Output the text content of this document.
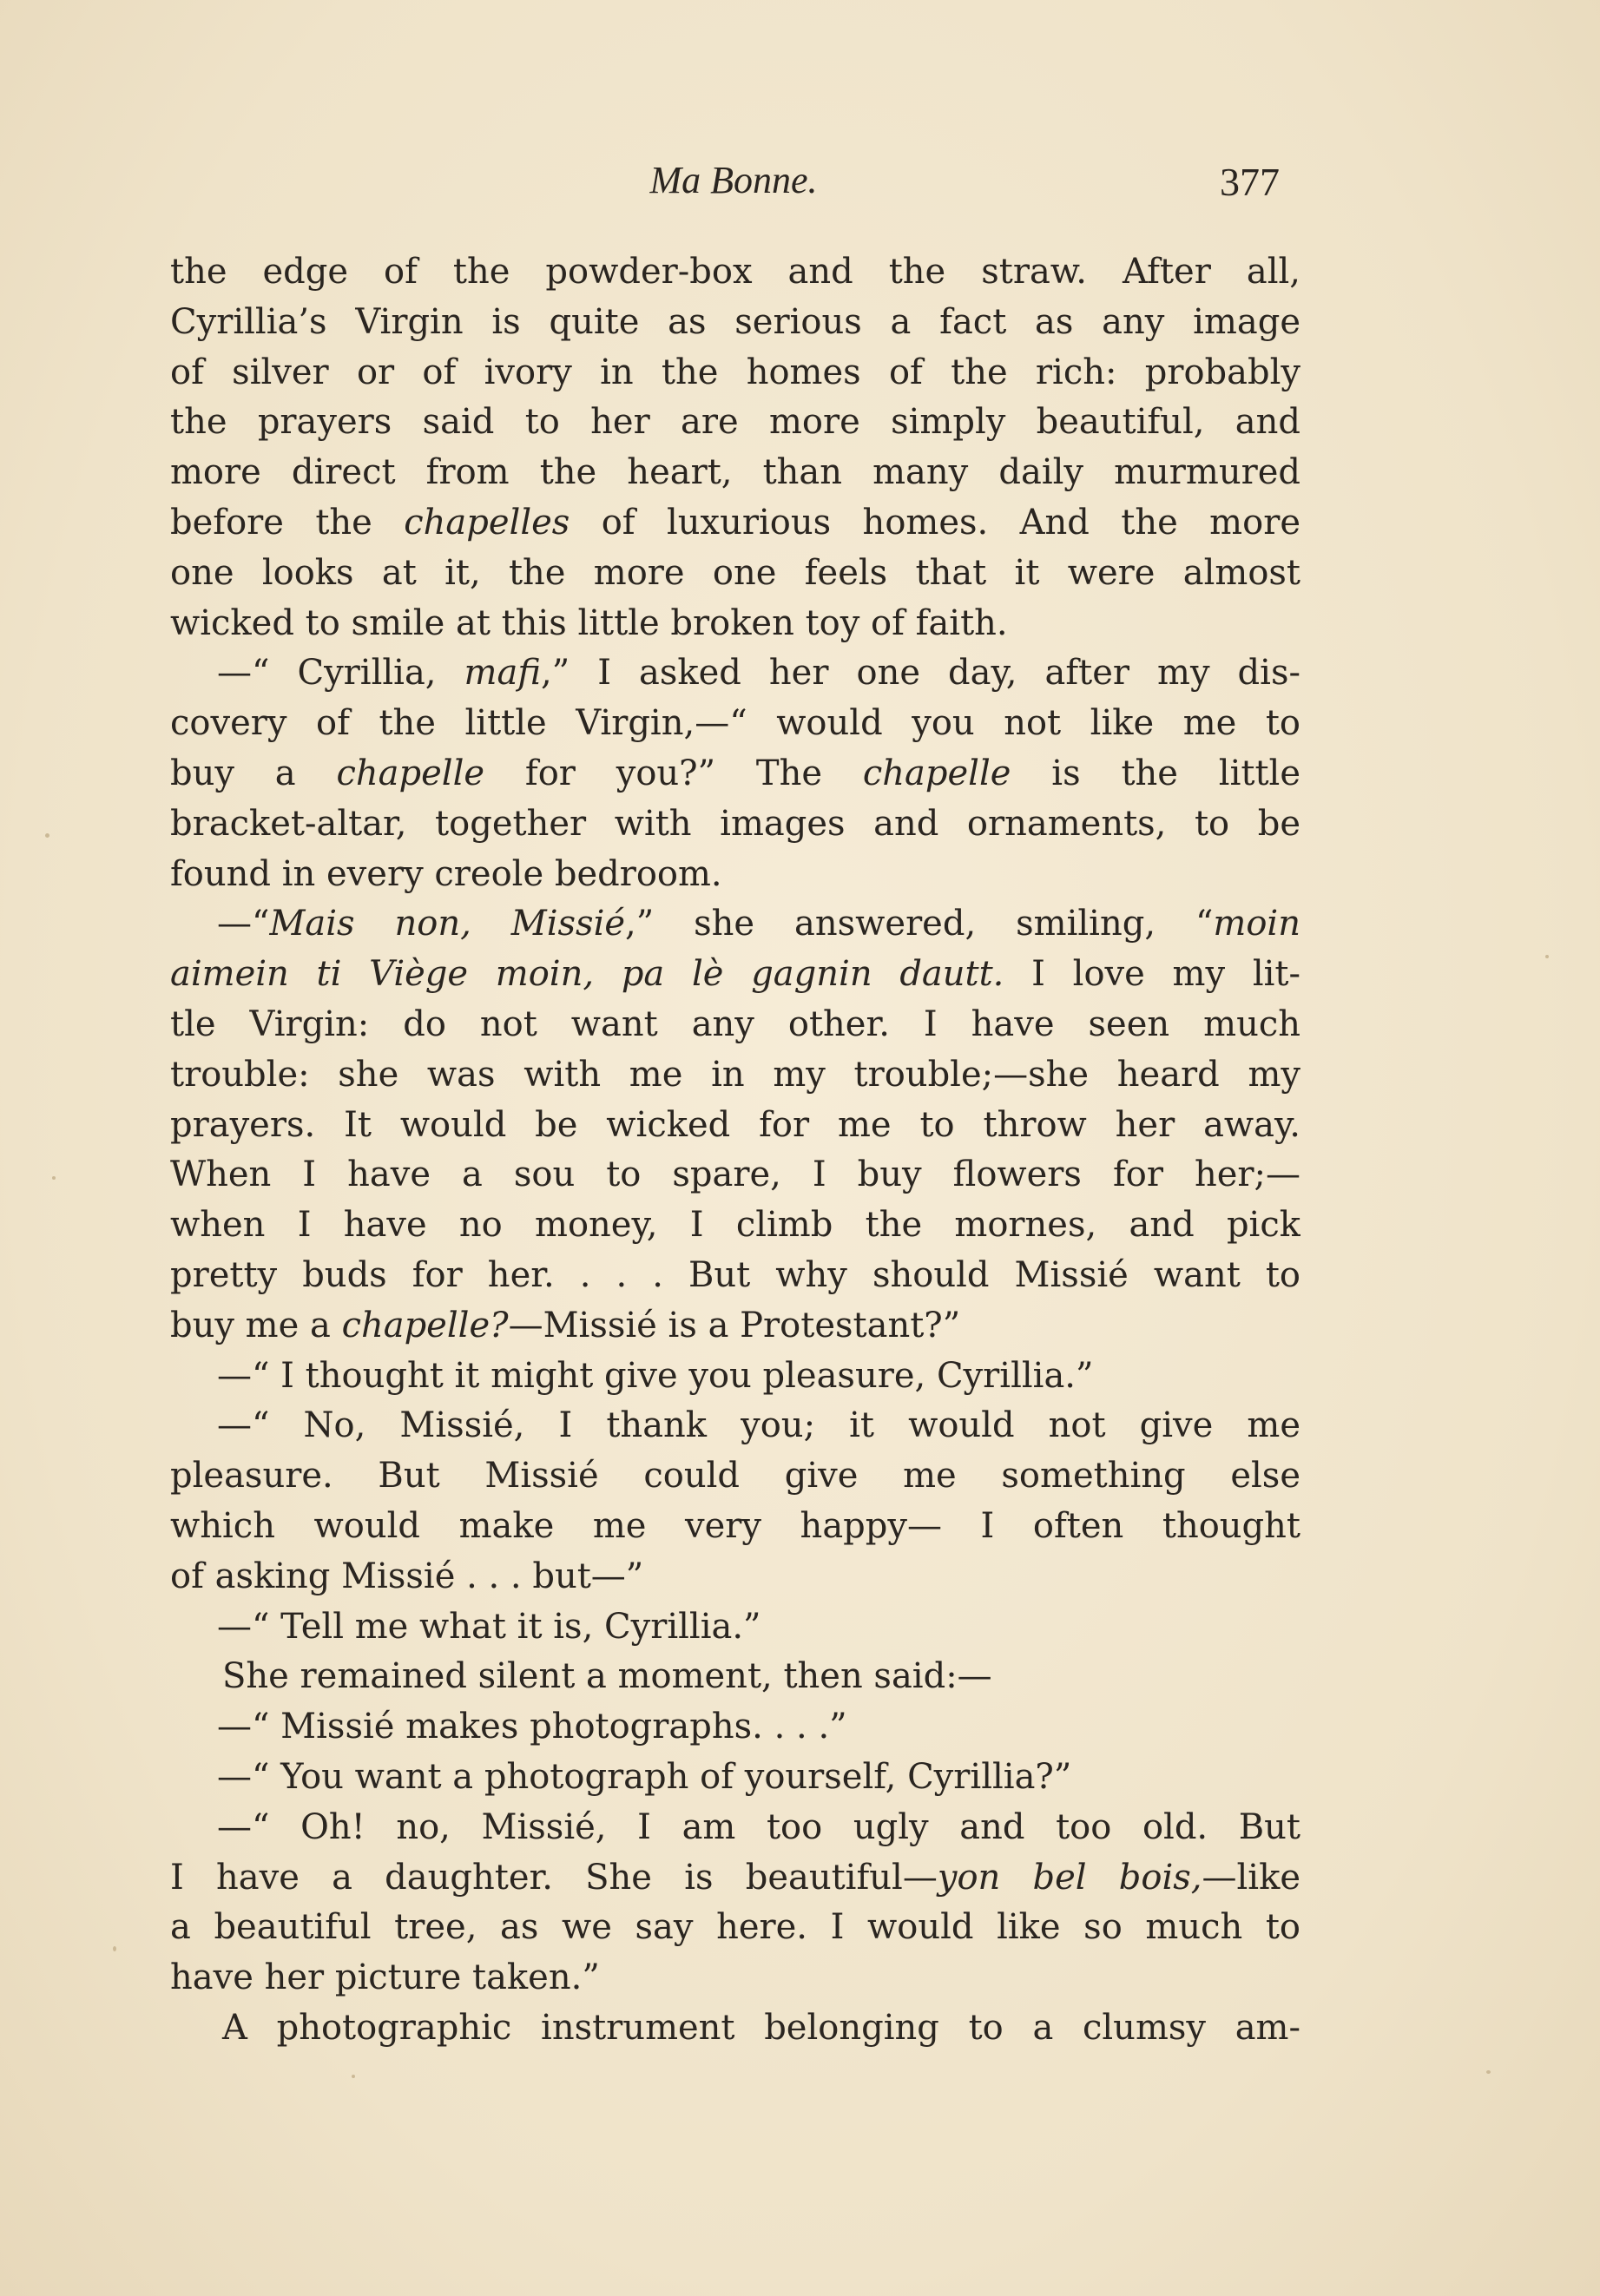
Ma Bonne.	377
the edge of the powder-box and the straw. After all,
Cyrillia’s Virgin is quite as serious a fact as any image
of silver or of ivory in the homes of the rich: probably
the prayers said to her are more simply beautiful, and
more direct from the heart, than many daily murmured
before the chapelles of luxurious homes. And the more
one looks at it, the more one feels that it were almost
wicked to smile at this little broken toy of faith.
—“ Cyrillia, mafi,” I asked her one day, after my dis-
covery of the little Virgin,—“ would you not like me to
buy a chapelle for you?” The chapelle is the little
bracket-altar, together with images and ornaments, to be
found in every creole bedroom.
—“Mais non, Missié,” she answered, smiling, “moin
aimein ti Viège moin, pa lè gagnin dautt. I love my lit-
tle Virgin: do not want any other. I have seen much
trouble: she was with me in my trouble;—she heard my
prayers. It would be wicked for me to throw her away.
When I have a sou to spare, I buy flowers for her;—
when I have no money, I climb the mornes, and pick
pretty buds for her. . . . But why should Missié want to
buy me a chapelle?—Missié is a Protestant?”
—“ I thought it might give you pleasure, Cyrillia.”
—“ No, Missié, I thank you; it would not give me
pleasure. But Missié could give me something else
which would make me very happy— I often thought
of asking Missié . . . but—”
—“ Tell me what it is, Cyrillia.”
She remained silent a moment, then said:—
—“ Missié makes photographs. . . .”
—“ You want a photograph of yourself, Cyrillia?”
—“ Oh! no, Missié, I am too ugly and too old. But
I have a daughter. She is beautiful—yon bel bois,—like
a beautiful tree, as we say here. I would like so much to
have her picture taken.”
A photographic instrument belonging to a clumsy am-
